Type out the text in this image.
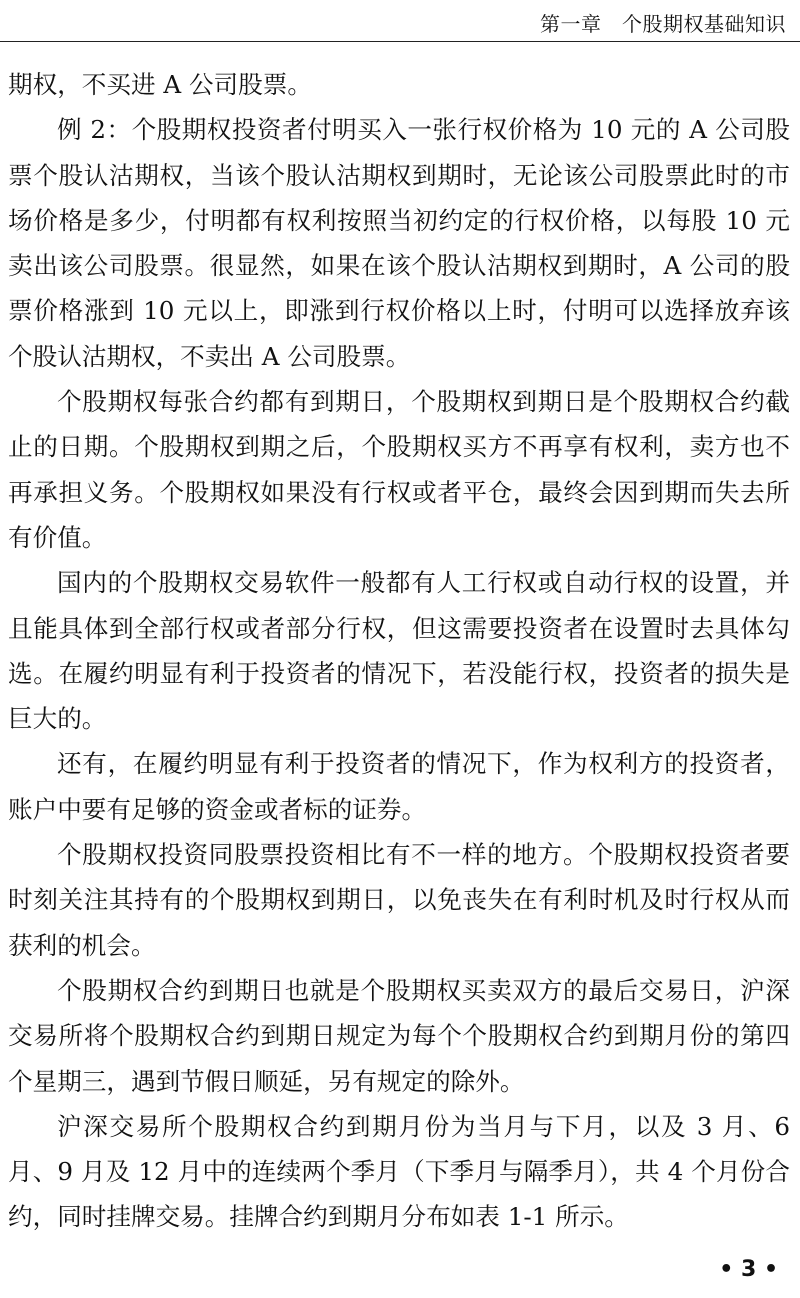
第一章　个股期权基础知识

期权，不买进 A 公司股票。

例 2：个股期权投资者付明买入一张行权价格为 10 元的 A 公司股票个股认沽期权，当该个股认沽期权到期时，无论该公司股票此时的市场价格是多少，付明都有权利按照当初约定的行权价格，以每股 10 元卖出该公司股票。很显然，如果在该个股认沽期权到期时，A 公司的股票价格涨到 10 元以上，即涨到行权价格以上时，付明可以选择放弃该个股认沽期权，不卖出 A 公司股票。

个股期权每张合约都有到期日，个股期权到期日是个股期权合约截止的日期。个股期权到期之后，个股期权买方不再享有权利，卖方也不再承担义务。个股期权如果没有行权或者平仓，最终会因到期而失去所有价值。

国内的个股期权交易软件一般都有人工行权或自动行权的设置，并且能具体到全部行权或者部分行权，但这需要投资者在设置时去具体勾选。在履约明显有利于投资者的情况下，若没能行权，投资者的损失是巨大的。

还有，在履约明显有利于投资者的情况下，作为权利方的投资者，账户中要有足够的资金或者标的证券。

个股期权投资同股票投资相比有不一样的地方。个股期权投资者要时刻关注其持有的个股期权到期日，以免丧失在有利时机及时行权从而获利的机会。

个股期权合约到期日也就是个股期权买卖双方的最后交易日，沪深交易所将个股期权合约到期日规定为每个个股期权合约到期月份的第四个星期三，遇到节假日顺延，另有规定的除外。

沪深交易所个股期权合约到期月份为当月与下月，以及 3 月、6 月、9 月及 12 月中的连续两个季月（下季月与隔季月），共 4 个月份合约，同时挂牌交易。挂牌合约到期月分布如表 1-1 所示。

• 3 •
